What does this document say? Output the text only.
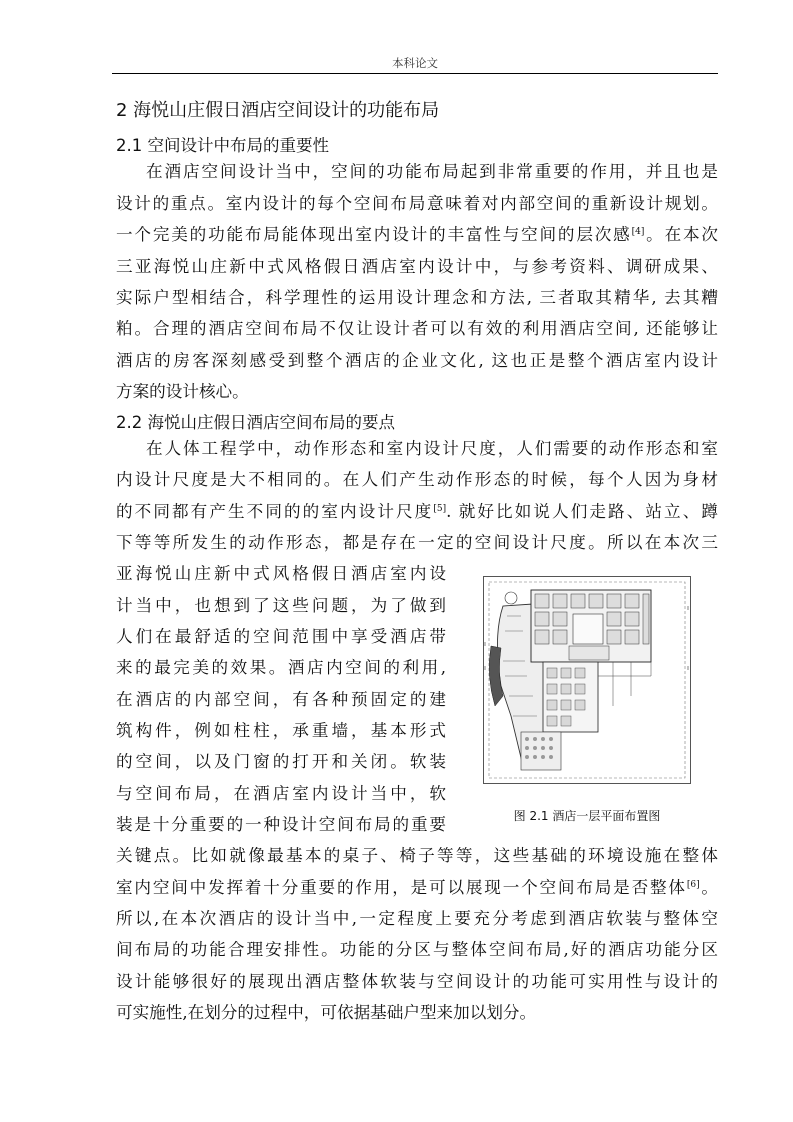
本科论文
2 海悦山庄假日酒店空间设计的功能布局
2.1 空间设计中布局的重要性
在酒店空间设计当中，空间的功能布局起到非常重要的作用，并且也是
设计的重点。室内设计的每个空间布局意味着对内部空间的重新设计规划。
一个完美的功能布局能体现出室内设计的丰富性与空间的层次感[4]。在本次
三亚海悦山庄新中式风格假日酒店室内设计中，与参考资料、调研成果、
实际户型相结合，科学理性的运用设计理念和方法, 三者取其精华, 去其糟
粕。合理的酒店空间布局不仅让设计者可以有效的利用酒店空间, 还能够让
酒店的房客深刻感受到整个酒店的企业文化, 这也正是整个酒店室内设计
方案的设计核心。
2.2 海悦山庄假日酒店空间布局的要点
在人体工程学中，动作形态和室内设计尺度，人们需要的动作形态和室
内设计尺度是大不相同的。在人们产生动作形态的时候，每个人因为身材
的不同都有产生不同的的室内设计尺度[5]. 就好比如说人们走路、站立、蹲
下等等所发生的动作形态，都是存在一定的空间设计尺度。所以在本次三
亚海悦山庄新中式风格假日酒店室内设
计当中，也想到了这些问题，为了做到
人们在最舒适的空间范围中享受酒店带
来的最完美的效果。酒店内空间的利用,
在酒店的内部空间，有各种预固定的建
筑构件，例如柱柱，承重墙，基本形式
的空间，以及门窗的打开和关闭。软装
与空间布局，在酒店室内设计当中，软
装是十分重要的一种设计空间布局的重要
关键点。比如就像最基本的桌子、椅子等等，这些基础的环境设施在整体
室内空间中发挥着十分重要的作用，是可以展现一个空间布局是否整体[6]。
所以,在本次酒店的设计当中,一定程度上要充分考虑到酒店软装与整体空
间布局的功能合理安排性。功能的分区与整体空间布局,好的酒店功能分区
设计能够很好的展现出酒店整体软装与空间设计的功能可实用性与设计的
可实施性,在划分的过程中，可依据基础户型来加以划分。
图 2.1 酒店一层平面布置图
